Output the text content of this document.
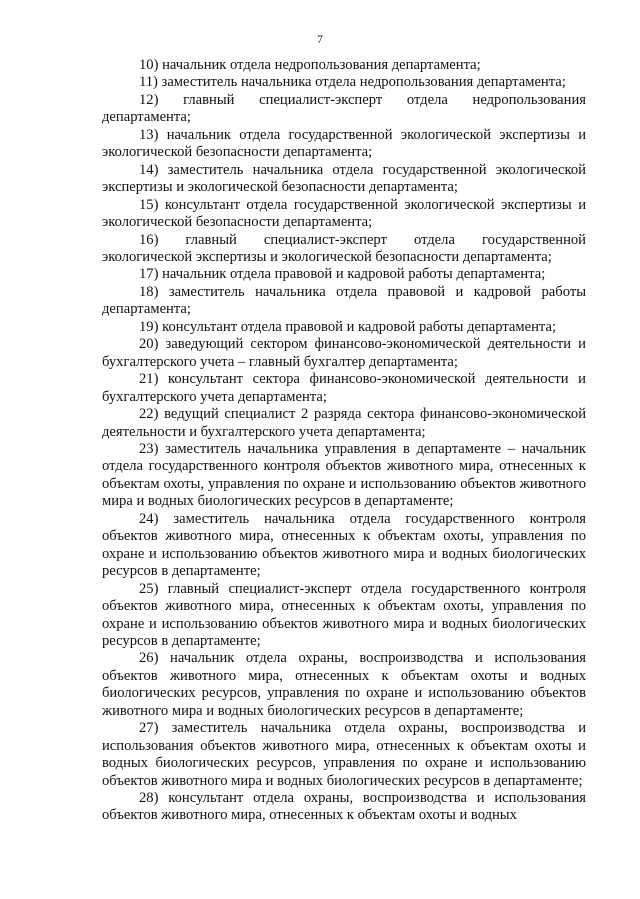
7

10) начальник отдела недропользования департамента;

11) заместитель начальника отдела недропользования департамента;

12) главный специалист-эксперт отдела недропользования департамента;

13) начальник отдела государственной экологической экспертизы и экологической безопасности департамента;

14) заместитель начальника отдела государственной экологической экспертизы и экологической безопасности департамента;

15) консультант отдела государственной экологической экспертизы и экологической безопасности департамента;

16) главный специалист-эксперт отдела государственной экологической экспертизы и экологической безопасности департамента;

17) начальник отдела правовой и кадровой работы департамента;

18) заместитель начальника отдела правовой и кадровой работы департамента;

19) консультант отдела правовой и кадровой работы департамента;

20) заведующий сектором финансово-экономической деятельности и бухгалтерского учета – главный бухгалтер департамента;

21) консультант сектора финансово-экономической деятельности и бухгалтерского учета департамента;

22) ведущий специалист 2 разряда сектора финансово-экономической деятельности и бухгалтерского учета департамента;

23) заместитель начальника управления в департаменте – начальник отдела государственного контроля объектов животного мира, отнесенных к объектам охоты, управления по охране и использованию объектов животного мира и водных биологических ресурсов в департаменте;

24) заместитель начальника отдела государственного контроля объектов животного мира, отнесенных к объектам охоты, управления по охране и использованию объектов животного мира и водных биологических ресурсов в департаменте;

25) главный специалист-эксперт отдела государственного контроля объектов животного мира, отнесенных к объектам охоты, управления по охране и использованию объектов животного мира и водных биологических ресурсов в департаменте;

26) начальник отдела охраны, воспроизводства и использования объектов животного мира, отнесенных к объектам охоты и водных биологических ресурсов, управления по охране и использованию объектов животного мира и водных биологических ресурсов в департаменте;

27) заместитель начальника отдела охраны, воспроизводства и использования объектов животного мира, отнесенных к объектам охоты и водных биологических ресурсов, управления по охране и использованию объектов животного мира и водных биологических ресурсов в департаменте;

28) консультант отдела охраны, воспроизводства и использования объектов животного мира, отнесенных к объектам охоты и водных
